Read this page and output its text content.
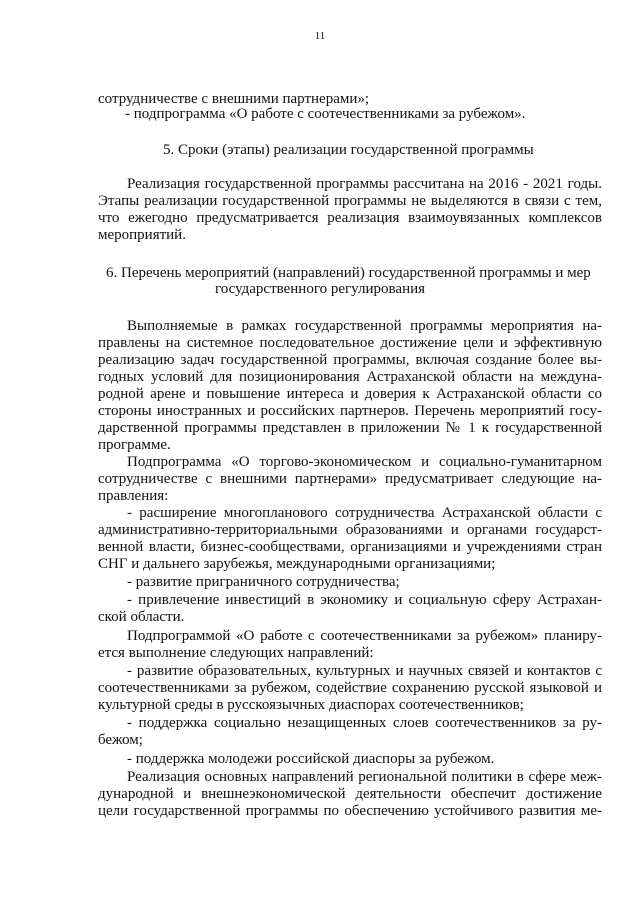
11
сотрудничестве с внешними партнерами»;
- подпрограмма «О работе с соотечественниками за рубежом».
5. Сроки (этапы) реализации государственной программы
Реализация государственной программы рассчитана на 2016 - 2021 годы.
Этапы реализации государственной программы не выделяются в связи с тем,
что ежегодно предусматривается реализация взаимоувязанных комплексов
мероприятий.
6. Перечень мероприятий (направлений) государственной программы и мер
государственного регулирования
Выполняемые в рамках государственной программы мероприятия на-
правлены на системное последовательное достижение цели и эффективную
реализацию задач государственной программы, включая создание более вы-
годных условий для позиционирования Астраханской области на междуна-
родной арене и повышение интереса и доверия к Астраханской области со
стороны иностранных и российских партнеров. Перечень мероприятий госу-
дарственной программы представлен в приложении № 1 к государственной
программе.
Подпрограмма «О торгово-экономическом и социально-гуманитарном
сотрудничестве с внешними партнерами» предусматривает следующие на-
правления:
- расширение многопланового сотрудничества Астраханской области с
административно-территориальными образованиями и органами государст-
венной власти, бизнес-сообществами, организациями и учреждениями стран
СНГ и дальнего зарубежья, международными организациями;
- развитие приграничного сотрудничества;
- привлечение инвестиций в экономику и социальную сферу Астрахан-
ской области.
Подпрограммой «О работе с соотечественниками за рубежом» планиру-
ется выполнение следующих направлений:
- развитие образовательных, культурных и научных связей и контактов с
соотечественниками за рубежом, содействие сохранению русской языковой и
культурной среды в русскоязычных диаспорах соотечественников;
- поддержка социально незащищенных слоев соотечественников за ру-
бежом;
- поддержка молодежи российской диаспоры за рубежом.
Реализация основных направлений региональной политики в сфере меж-
дународной и внешнеэкономической деятельности обеспечит достижение
цели государственной программы по обеспечению устойчивого развития ме-
